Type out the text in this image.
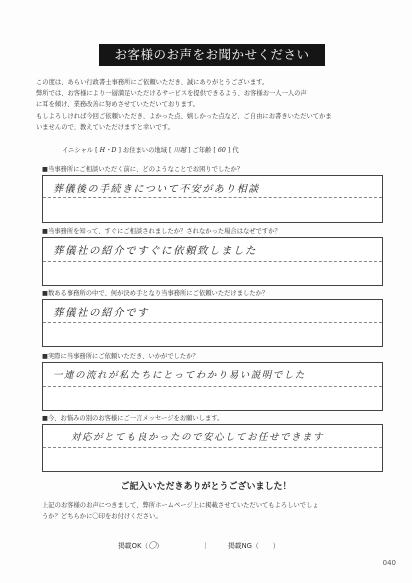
お客様のお声をお聞かせください
この度は、あらい行政書士事務所にご依頼いただき、誠にありがとうございます。
弊所では、お客様により一層満足いただけるサービスを提供できるよう、お客様お一人一人の声
に耳を傾け、業務改善に努めさせていただいております。
もしよろしければ今回ご依頼いただき、よかった点、嬉しかった点など、ご自由にお書きいただいてかま
いませんので、教えていただけますと幸いです。
イニシャル [ H・D ] お住まいの地域 [ 川越 ] ご年齢 [ 60 ] 代
■当事務所にご相談いただく前に、どのようなことでお困りでしたか？
葬儀後の手続きについて不安があり相談
■当事務所を知って、すぐにご相談されましたか？されなかった場合はなぜですか？
葬儀社の紹介ですぐに依頼致しました
■数ある事務所の中で、何が決め手となり当事務所にご依頼いただけましたか？
葬儀社の紹介です
■実際に当事務所にご依頼いただき、いかがでしたか？
一連の流れが私たちにとってわかり易い説明でした
■今、お悩みの別のお客様にご一言メッセージをお願いします。
対応がとても良かったので安心してお任せできます
ご記入いただきありがとうございました！
上記のお客様のお声につきまして、弊所ホームページ上に掲載させていただいてもよろしいでしょ
うか？どちらかに〇印をお付けください。
掲載OK（〇）	｜	掲載NG（ ）
040
